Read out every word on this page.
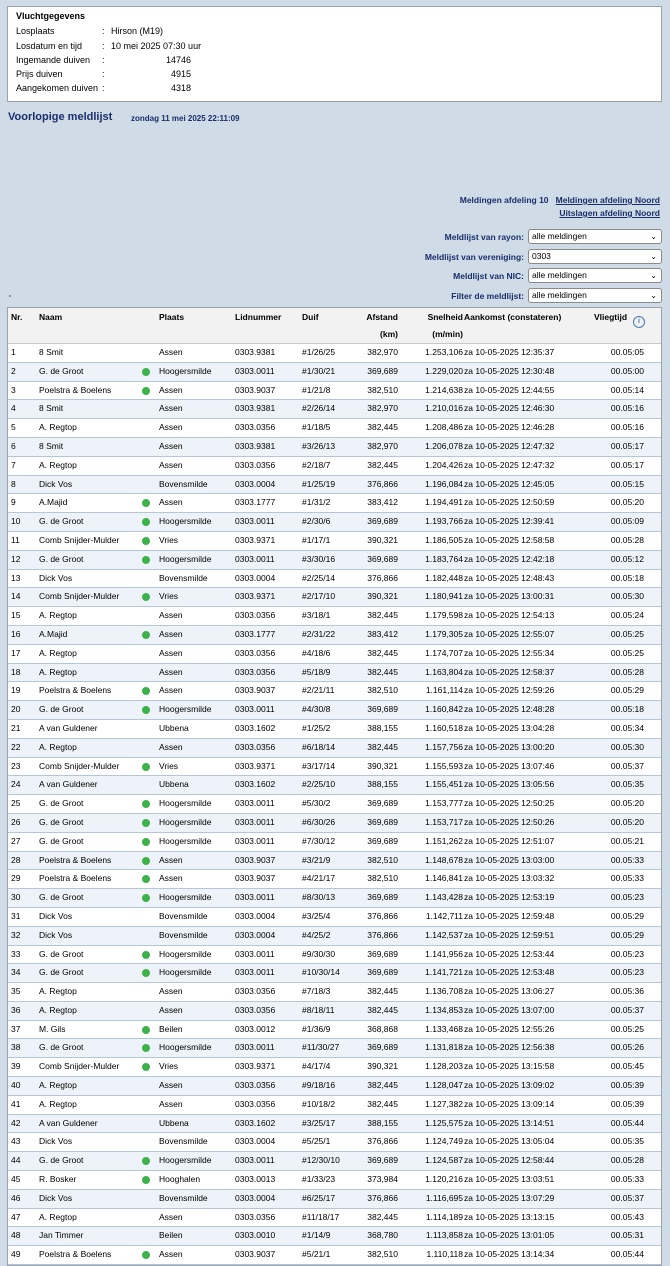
Vluchtgegevens
Losplaats	: Hirson (M19)
Losdatum en tijd : 10 mei 2025 07:30 uur
Ingemande duiven :	14746
Prijs duiven	:	4915
Aangekomen duiven :	4318
Voorlopige meldlijst zondag 11 mei 2025 22:11:09
Meldingen afdeling 10 Meldingen afdeling Noord
Uitslagen afdeling Noord
Meldlijst van rayon: alle meldingen	⌄
Meldlijst van vereniging: 0303	⌄
Meldlijst van NIC: alle meldingen	⌄
Filter de meldlijst: alle meldingen	⌄
Nr. Naam	Plaats	Lidnummer Duif	Afstand
(km)
Snelheid
(m/min)
Aankomst (constateren)	Vliegtijd	i
1	8 Smit	Assen	0303.9381	#1/26/25	382,970	1.253,106 za 10-05-2025 12:35:37	00.05:05
2	G. de Groot	Hoogersmilde	0303.0011	#1/30/21	369,689	1.229,020 za 10-05-2025 12:30:48	00.05:00
3	Poelstra & Boelens	Assen	0303.9037	#1/21/8	382,510	1.214,638 za 10-05-2025 12:44:55	00.05:14
4	8 Smit	Assen	0303.9381	#2/26/14	382,970	1.210,016 za 10-05-2025 12:46:30	00.05:16
5	A. Regtop	Assen	0303.0356	#1/18/5	382,445	1.208,486 za 10-05-2025 12:46:28	00.05:16
6	8 Smit	Assen	0303.9381	#3/26/13	382,970	1.206,078 za 10-05-2025 12:47:32	00.05:17
7	A. Regtop	Assen	0303.0356	#2/18/7	382,445	1.204,426 za 10-05-2025 12:47:32	00.05:17
8	Dick Vos	Bovensmilde	0303.0004	#1/25/19	376,866	1.196,084 za 10-05-2025 12:45:05	00.05:15
9	A.Majid	Assen	0303.1777	#1/31/2	383,412	1.194,491 za 10-05-2025 12:50:59	00.05:20
10 G. de Groot	Hoogersmilde	0303.0011	#2/30/6	369,689	1.193,766 za 10-05-2025 12:39:41	00.05:09
11 Comb Snijder-Mulder	Vries	0303.9371	#1/17/1	390,321	1.186,505 za 10-05-2025 12:58:58	00.05:28
12 G. de Groot	Hoogersmilde	0303.0011	#3/30/16	369,689	1.183,764 za 10-05-2025 12:42:18	00.05:12
13 Dick Vos	Bovensmilde	0303.0004	#2/25/14	376,866	1.182,448 za 10-05-2025 12:48:43	00.05:18
14 Comb Snijder-Mulder	Vries	0303.9371	#2/17/10	390,321	1.180,941 za 10-05-2025 13:00:31	00.05:30
15 A. Regtop	Assen	0303.0356	#3/18/1	382,445	1.179,598 za 10-05-2025 12:54:13	00.05:24
16 A.Majid	Assen	0303.1777	#2/31/22	383,412	1.179,305 za 10-05-2025 12:55:07	00.05:25
17 A. Regtop	Assen	0303.0356	#4/18/6	382,445	1.174,707 za 10-05-2025 12:55:34	00.05:25
18 A. Regtop	Assen	0303.0356	#5/18/9	382,445	1.163,804 za 10-05-2025 12:58:37	00.05:28
19 Poelstra & Boelens	Assen	0303.9037	#2/21/11	382,510	1.161,114 za 10-05-2025 12:59:26	00.05:29
20 G. de Groot	Hoogersmilde	0303.0011	#4/30/8	369,689	1.160,842 za 10-05-2025 12:48:28	00.05:18
21 A van Guldener	Ubbena	0303.1602	#1/25/2	388,155	1.160,518 za 10-05-2025 13:04:28	00.05:34
22 A. Regtop	Assen	0303.0356	#6/18/14	382,445	1.157,756 za 10-05-2025 13:00:20	00.05:30
23 Comb Snijder-Mulder	Vries	0303.9371	#3/17/14	390,321	1.155,593 za 10-05-2025 13:07:46	00.05:37
24 A van Guldener	Ubbena	0303.1602	#2/25/10	388,155	1.155,451 za 10-05-2025 13:05:56	00.05:35
25 G. de Groot	Hoogersmilde	0303.0011	#5/30/2	369,689	1.153,777 za 10-05-2025 12:50:25	00.05:20
26 G. de Groot	Hoogersmilde	0303.0011	#6/30/26	369,689	1.153,717 za 10-05-2025 12:50:26	00.05:20
27 G. de Groot	Hoogersmilde	0303.0011	#7/30/12	369,689	1.151,262 za 10-05-2025 12:51:07	00.05:21
28 Poelstra & Boelens	Assen	0303.9037	#3/21/9	382,510	1.148,678 za 10-05-2025 13:03:00	00.05:33
29 Poelstra & Boelens	Assen	0303.9037	#4/21/17	382,510	1.146,841 za 10-05-2025 13:03:32	00.05:33
30 G. de Groot	Hoogersmilde	0303.0011	#8/30/13	369,689	1.143,428 za 10-05-2025 12:53:19	00.05:23
31 Dick Vos	Bovensmilde	0303.0004	#3/25/4	376,866	1.142,711 za 10-05-2025 12:59:48	00.05:29
32 Dick Vos	Bovensmilde	0303.0004	#4/25/2	376,866	1.142,537 za 10-05-2025 12:59:51	00.05:29
33 G. de Groot	Hoogersmilde	0303.0011	#9/30/30	369,689	1.141,956 za 10-05-2025 12:53:44	00.05:23
34 G. de Groot	Hoogersmilde	0303.0011	#10/30/14	369,689	1.141,721 za 10-05-2025 12:53:48	00.05:23
35 A. Regtop	Assen	0303.0356	#7/18/3	382,445	1.136,708 za 10-05-2025 13:06:27	00.05:36
36 A. Regtop	Assen	0303.0356	#8/18/11	382,445	1.134,853 za 10-05-2025 13:07:00	00.05:37
37 M. Gils	Beilen	0303.0012	#1/36/9	368,868	1.133,468 za 10-05-2025 12:55:26	00.05:25
38 G. de Groot	Hoogersmilde	0303.0011	#11/30/27	369,689	1.131,818 za 10-05-2025 12:56:38	00.05:26
39 Comb Snijder-Mulder	Vries	0303.9371	#4/17/4	390,321	1.128,203 za 10-05-2025 13:15:58	00.05:45
40 A. Regtop	Assen	0303.0356	#9/18/16	382,445	1.128,047 za 10-05-2025 13:09:02	00.05:39
41 A. Regtop	Assen	0303.0356	#10/18/2	382,445	1.127,382 za 10-05-2025 13:09:14	00.05:39
42 A van Guldener	Ubbena	0303.1602	#3/25/17	388,155	1.125,575 za 10-05-2025 13:14:51	00.05:44
43 Dick Vos	Bovensmilde	0303.0004	#5/25/1	376,866	1.124,749 za 10-05-2025 13:05:04	00.05:35
44 G. de Groot	Hoogersmilde	0303.0011	#12/30/10	369,689	1.124,587 za 10-05-2025 12:58:44	00.05:28
45 R. Bosker	Hooghalen	0303.0013	#1/33/23	373,984	1.120,216 za 10-05-2025 13:03:51	00.05:33
46 Dick Vos	Bovensmilde	0303.0004	#6/25/17	376,866	1.116,695 za 10-05-2025 13:07:29	00.05:37
47 A. Regtop	Assen	0303.0356	#11/18/17	382,445	1.114,189 za 10-05-2025 13:13:15	00.05:43
48 Jan Timmer	Beilen	0303.0010	#1/14/9	368,780	1.113,858 za 10-05-2025 13:01:05	00.05:31
49 Poelstra & Boelens	Assen	0303.9037	#5/21/1	382,510	1.110,118 za 10-05-2025 13:14:34	00.05:44
